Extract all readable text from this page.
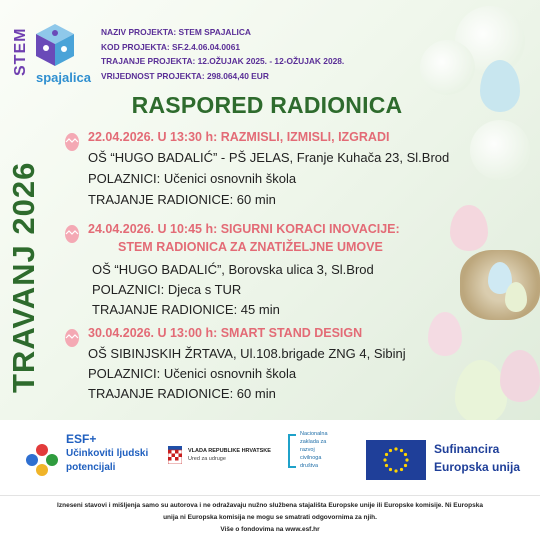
STEM
spajalica
NAZIV PROJEKTA: STEM SPAJALICA
KOD PROJEKTA: SF.2.4.06.04.0061
TRAJANJE PROJEKTA: 12.OŽUJAK 2025. - 12-OŽUJAK 2028.
VRIJEDNOST PROJEKTA: 298.064,40 EUR
RASPORED RADIONICA
TRAVANJ 2026
22.04.2026. U 13:30 h: RAZMISLI, IZMISLI, IZGRADI
OŠ “HUGO BADALIĆ” - PŠ JELAS, Franje Kuhača 23, Sl.Brod
POLAZNICI: Učenici osnovnih škola
TRAJANJE RADIONICE: 60 min
24.04.2026. U 10:45 h: SIGURNI KORACI INOVACIJE:
STEM RADIONICA ZA ZNATIŽELJNE UMOVE
OŠ “HUGO BADALIĆ”, Borovska ulica 3, Sl.Brod
POLAZNICI: Djeca s TUR
TRAJANJE RADIONICE: 45 min
30.04.2026. U 13:00 h: SMART STAND DESIGN
OŠ SIBINJSKIH ŽRTAVA, Ul.108.brigade ZNG 4, Sibinj
POLAZNICI: Učenici osnovnih škola
TRAJANJE RADIONICE: 60 min
ESF+
Učinkoviti ljudski
potencijali
VLADA REPUBLIKE HRVATSKE
Ured za udruge
Nacionalna
zaklada za
razvoj
civilnoga
društva
Sufinancira
Europska unija
Izneseni stavovi i mišljenja samo su autorova i ne odražavaju nužno službena stajališta Europske unije ili Europske komisije. Ni Europska
unija ni Europska komisija ne mogu se smatrati odgovornima za njih.
Više o fondovima na www.esf.hr
